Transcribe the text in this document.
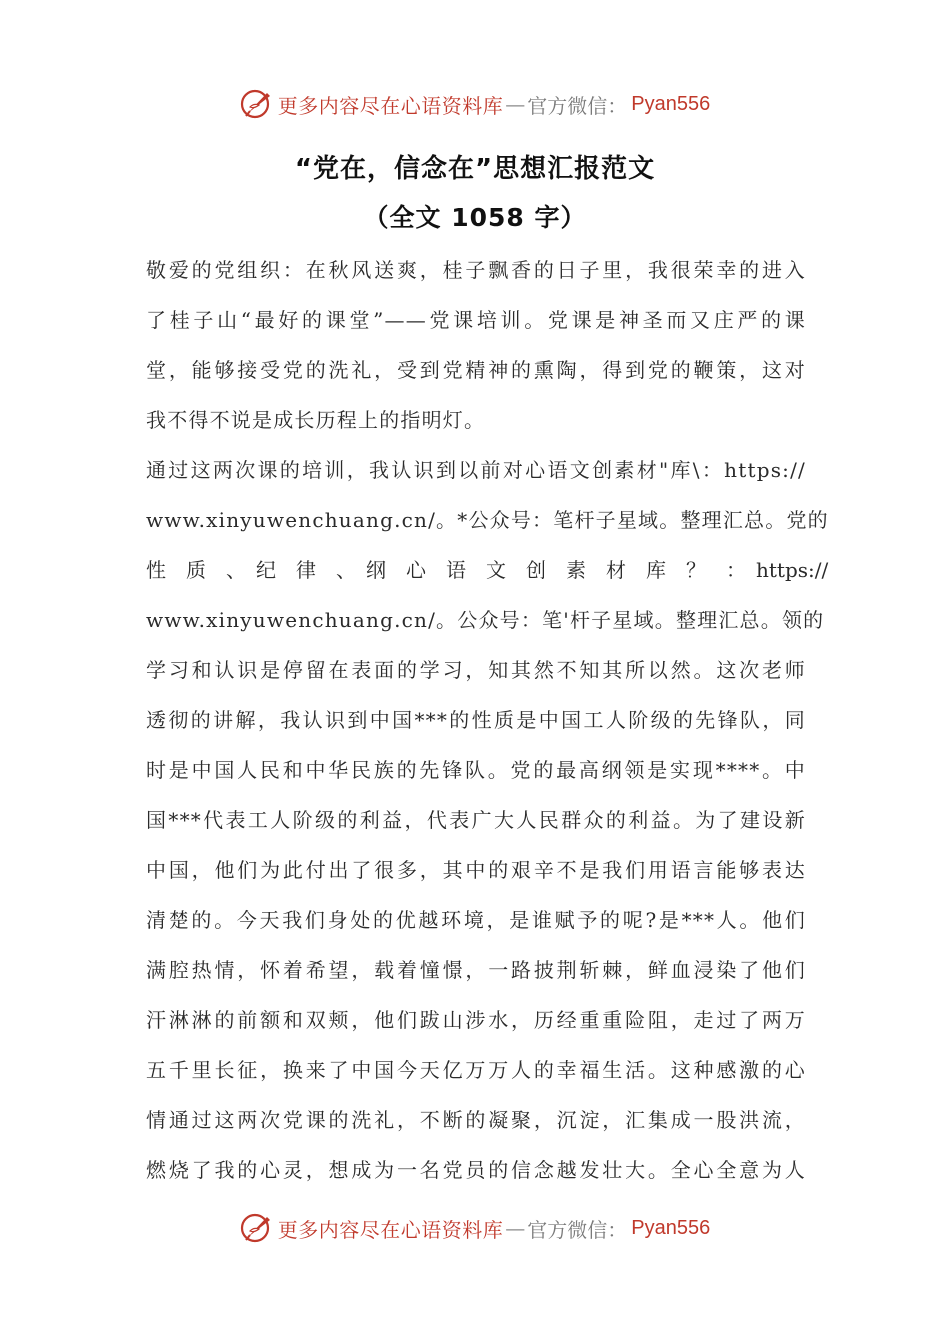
更多内容尽在心语资料库 — 官方微信： Pyan556
“党在，信念在”思想汇报范文
（全文 1058 字）
敬爱的党组织：在秋风送爽，桂子飘香的日子里，我很荣幸的进入
了桂子山“最好的课堂”——党课培训。党课是神圣而又庄严的课
堂，能够接受党的洗礼，受到党精神的熏陶，得到党的鞭策，这对
我不得不说是成长历程上的指明灯。
通过这两次课的培训，我认识到以前对心语文创素材"库\：https://
www.xinyuwenchuang.cn/。*公众号：笔杆子星域。整理汇总。党的
性　质　、　纪　律　、　纲　心　语　文　创　素　材　库　？　：　https://
www.xinyuwenchuang.cn/。公众号：笔'杆子星域。整理汇总。领的
学习和认识是停留在表面的学习，知其然不知其所以然。这次老师
透彻的讲解，我认识到中国***的性质是中国工人阶级的先锋队，同
时是中国人民和中华民族的先锋队。党的最高纲领是实现****。中
国***代表工人阶级的利益，代表广大人民群众的利益。为了建设新
中国，他们为此付出了很多，其中的艰辛不是我们用语言能够表达
清楚的。今天我们身处的优越环境，是谁赋予的呢?是***人。他们
满腔热情，怀着希望，载着憧憬，一路披荆斩棘，鲜血浸染了他们
汗淋淋的前额和双颊，他们跋山涉水，历经重重险阻，走过了两万
五千里长征，换来了中国今天亿万万人的幸福生活。这种感激的心
情通过这两次党课的洗礼，不断的凝聚，沉淀，汇集成一股洪流，
燃烧了我的心灵，想成为一名党员的信念越发壮大。全心全意为人
更多内容尽在心语资料库 — 官方微信： Pyan556
